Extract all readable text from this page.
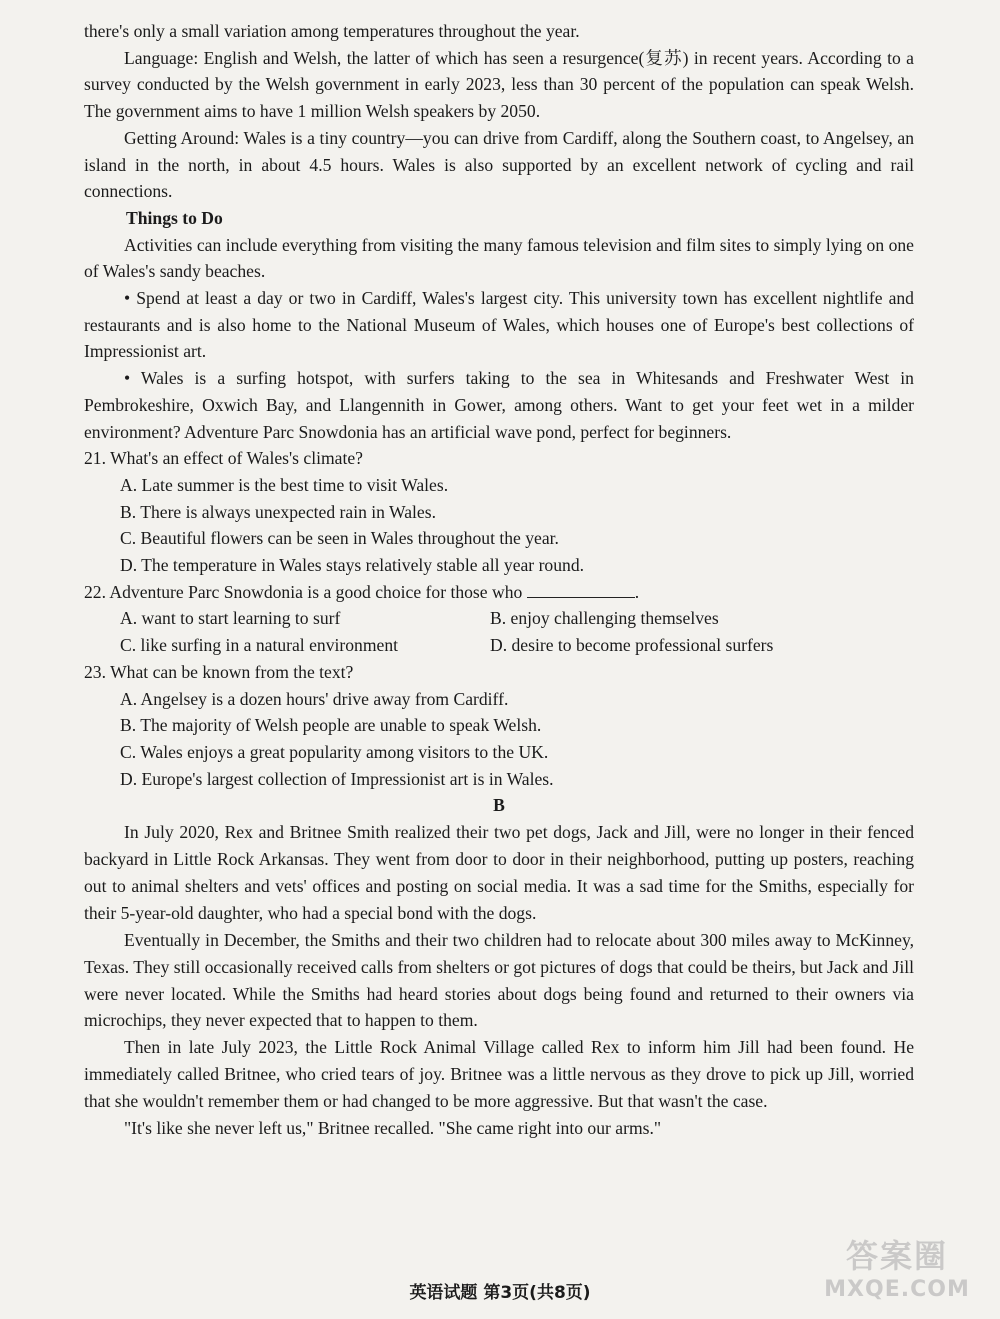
there's only a small variation among temperatures throughout the year.

Language: English and Welsh, the latter of which has seen a resurgence(复苏) in recent years. According to a survey conducted by the Welsh government in early 2023, less than 30 percent of the population can speak Welsh. The government aims to have 1 million Welsh speakers by 2050.

Getting Around: Wales is a tiny country—you can drive from Cardiff, along the Southern coast, to Angelsey, an island in the north, in about 4.5 hours. Wales is also supported by an excellent network of cycling and rail connections.

Things to Do

Activities can include everything from visiting the many famous television and film sites to simply lying on one of Wales's sandy beaches.

• Spend at least a day or two in Cardiff, Wales's largest city. This university town has excellent nightlife and restaurants and is also home to the National Museum of Wales, which houses one of Europe's best collections of Impressionist art.

• Wales is a surfing hotspot, with surfers taking to the sea in Whitesands and Freshwater West in Pembrokeshire, Oxwich Bay, and Llangennith in Gower, among others. Want to get your feet wet in a milder environment? Adventure Parc Snowdonia has an artificial wave pond, perfect for beginners.

21. What's an effect of Wales's climate?

A. Late summer is the best time to visit Wales.

B. There is always unexpected rain in Wales.

C. Beautiful flowers can be seen in Wales throughout the year.

D. The temperature in Wales stays relatively stable all year round.

22. Adventure Parc Snowdonia is a good choice for those who	.

A. want to start learning to surf	B. enjoy challenging themselves
C. like surfing in a natural environment	D. desire to become professional surfers

23. What can be known from the text?

A. Angelsey is a dozen hours' drive away from Cardiff.

B. The majority of Welsh people are unable to speak Welsh.

C. Wales enjoys a great popularity among visitors to the UK.

D. Europe's largest collection of Impressionist art is in Wales.

B

In July 2020, Rex and Britnee Smith realized their two pet dogs, Jack and Jill, were no longer in their fenced backyard in Little Rock Arkansas. They went from door to door in their neighborhood, putting up posters, reaching out to animal shelters and vets' offices and posting on social media. It was a sad time for the Smiths, especially for their 5-year-old daughter, who had a special bond with the dogs.

Eventually in December, the Smiths and their two children had to relocate about 300 miles away to McKinney, Texas. They still occasionally received calls from shelters or got pictures of dogs that could be theirs, but Jack and Jill were never located. While the Smiths had heard stories about dogs being found and returned to their owners via microchips, they never expected that to happen to them.

Then in late July 2023, the Little Rock Animal Village called Rex to inform him Jill had been found. He immediately called Britnee, who cried tears of joy. Britnee was a little nervous as they drove to pick up Jill, worried that she wouldn't remember them or had changed to be more aggressive. But that wasn't the case.

"It's like she never left us," Britnee recalled. "She came right into our arms."

英语试题 第3页(共8页)
答案圈
MXQE.COM
